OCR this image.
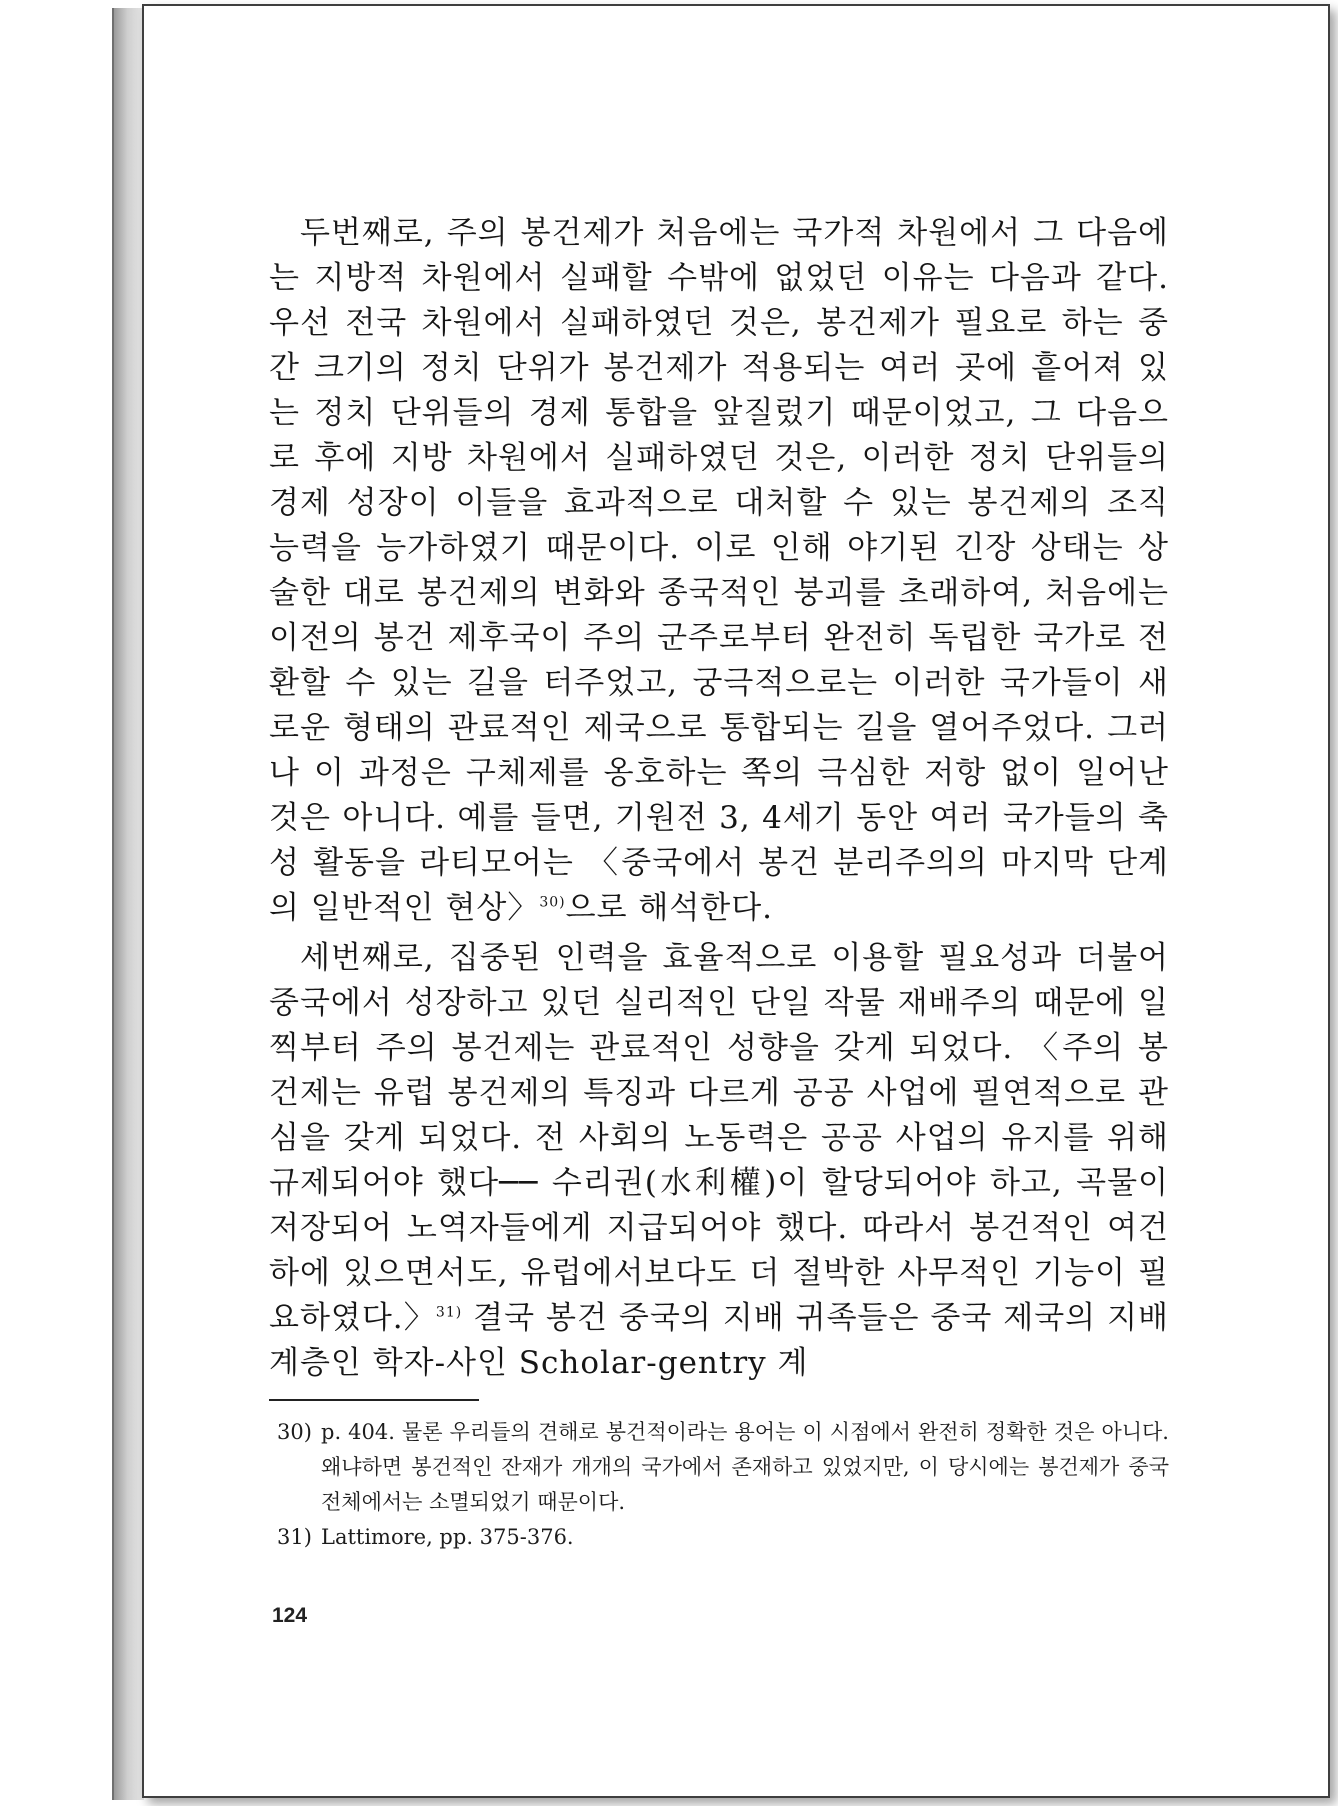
두번째로, 주의 봉건제가 처음에는 국가적 차원에서 그 다음에는 지방적 차원에서 실패할 수밖에 없었던 이유는 다음과 같다. 우선 전국 차원에서 실패하였던 것은, 봉건제가 필요로 하는 중간 크기의 정치 단위가 봉건제가 적용되는 여러 곳에 흩어져 있는 정치 단위들의 경제 통합을 앞질렀기 때문이었고, 그 다음으로 후에 지방 차원에서 실패하였던 것은, 이러한 정치 단위들의 경제 성장이 이들을 효과적으로 대처할 수 있는 봉건제의 조직 능력을 능가하였기 때문이다. 이로 인해 야기된 긴장 상태는 상술한 대로 봉건제의 변화와 종국적인 붕괴를 초래하여, 처음에는 이전의 봉건 제후국이 주의 군주로부터 완전히 독립한 국가로 전환할 수 있는 길을 터주었고, 궁극적으로는 이러한 국가들이 새로운 형태의 관료적인 제국으로 통합되는 길을 열어주었다. 그러나 이 과정은 구체제를 옹호하는 쪽의 극심한 저항 없이 일어난 것은 아니다. 예를 들면, 기원전 3, 4세기 동안 여러 국가들의 축성 활동을 라티모어는 〈중국에서 봉건 분리주의의 마지막 단계의 일반적인 현상〉$^{30)}$으로 해석한다.

세번째로, 집중된 인력을 효율적으로 이용할 필요성과 더불어 중국에서 성장하고 있던 실리적인 단일 작물 재배주의 때문에 일찍부터 주의 봉건제는 관료적인 성향을 갖게 되었다. 〈주의 봉건제는 유럽 봉건제의 특징과 다르게 공공 사업에 필연적으로 관심을 갖게 되었다. 전 사회의 노동력은 공공 사업의 유지를 위해 규제되어야 했다── 수리권(水利權)이 할당되어야 하고, 곡물이 저장되어 노역자들에게 지급되어야 했다. 따라서 봉건적인 여건하에 있으면서도, 유럽에서보다도 더 절박한 사무적인 기능이 필요하였다.〉$^{31)}$ 결국 봉건 중국의 지배 귀족들은 중국 제국의 지배 계층인 학자-사인 Scholar-gentry 계

30) p. 404. 물론 우리들의 견해로 봉건적이라는 용어는 이 시점에서 완전히 정확한 것은 아니다. 왜냐하면 봉건적인 잔재가 개개의 국가에서 존재하고 있었지만, 이 당시에는 봉건제가 중국 전체에서는 소멸되었기 때문이다.

31) Lattimore, pp. 375-376.

124
